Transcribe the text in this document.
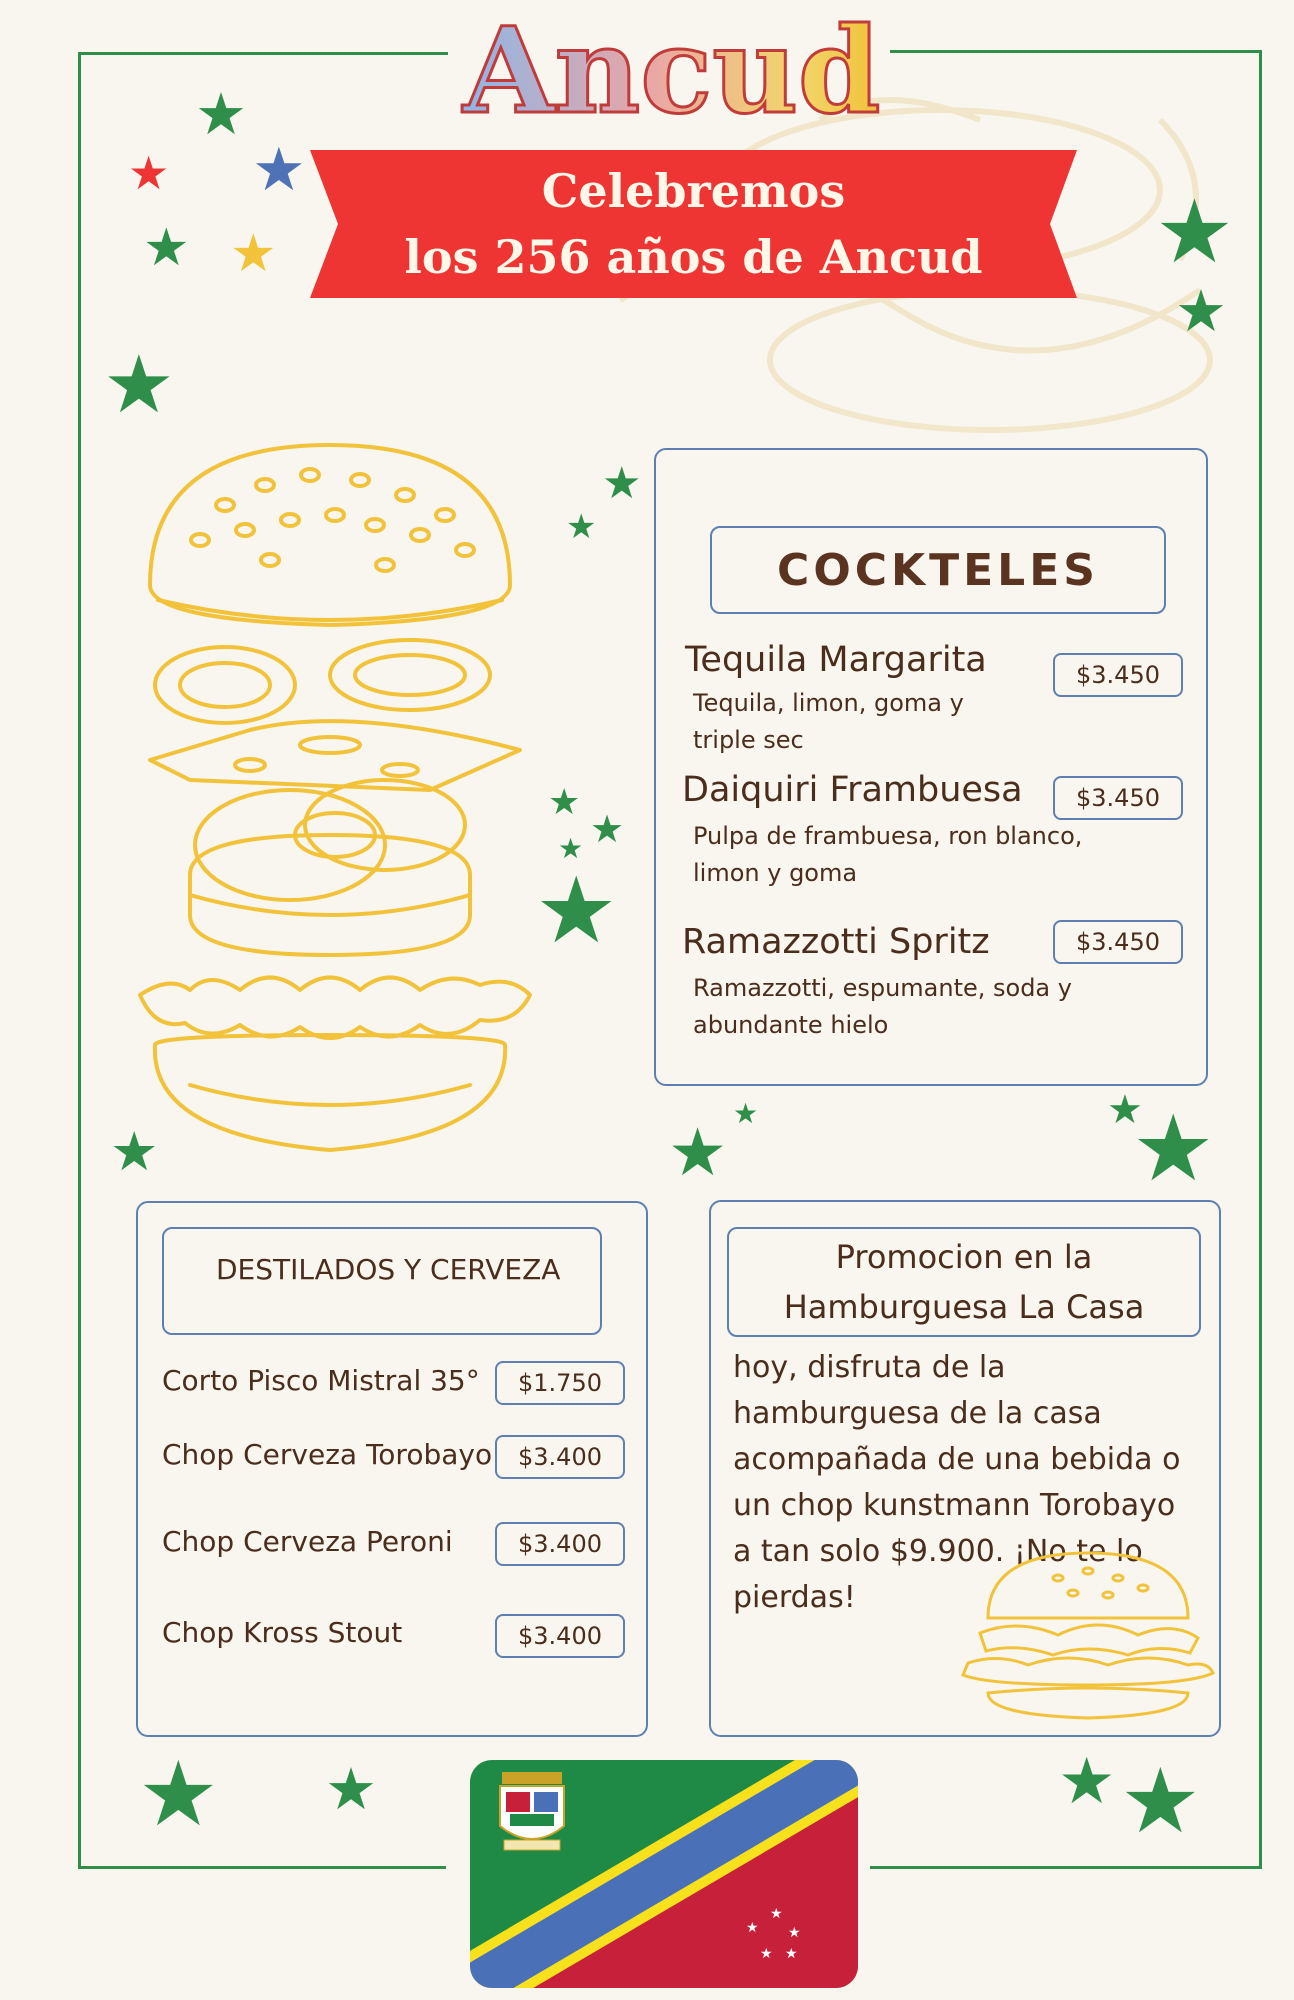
Ancud
Celebremos
los 256 años de Ancud
★
★ ★
★ ★
★
★
★
★
★
★
★
★
★
★	★
★	★
★
★ ★	★ ★
COCKTELES
Tequila Margarita	$3.450
Tequila, limon, goma y triple sec
Daiquiri Frambuesa	$3.450
Pulpa de frambuesa, ron blanco, limon y goma
Ramazzotti Spritz	$3.450
Ramazzotti, espumante, soda y abundante hielo
DESTILADOS Y CERVEZA
Corto Pisco Mistral 35°	$1.750
Chop Cerveza Torobayo	$3.400
Chop Cerveza Peroni	$3.400
Chop Kross Stout	$3.400
Promocion en la
Hamburguesa La Casa
hoy, disfruta de la hamburguesa de la casa acompañada de una bebida o un chop kunstmann Torobayo a tan solo $9.900. ¡No te lo pierdas!
★
★
★
★ ★
